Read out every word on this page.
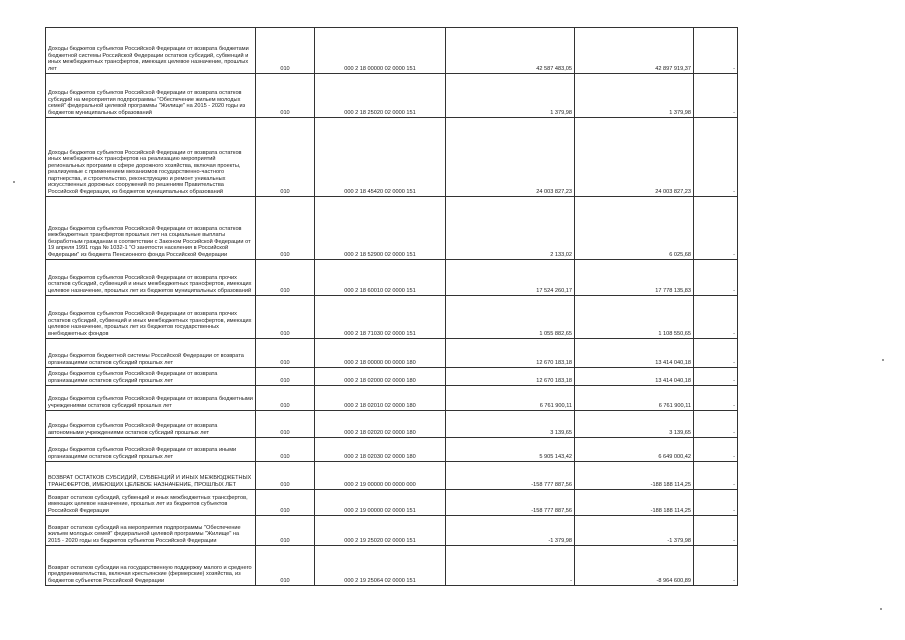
Доходы бюджетов субъектов Российской Федерации от возврата бюджетами бюджетной системы Российской Федерации остатков субсидий, субвенций и иных межбюджетных трансфертов, имеющих целевое назначение, прошлых лет	010	000 2 18 00000 02 0000 151	42 587 483,05	42 897 919,37	-

Доходы бюджетов субъектов Российской Федерации от возврата остатков субсидий на мероприятия подпрограммы "Обеспечение жильем молодых семей" федеральной целевой программы "Жилище" на 2015 - 2020 годы из бюджетов муниципальных образований	010	000 2 18 25020 02 0000 151	1 379,98	1 379,98	-

Доходы бюджетов субъектов Российской Федерации от возврата остатков иных межбюджетных трансфертов на реализацию мероприятий региональных программ в сфере дорожного хозяйства, включая проекты, реализуемые с применением механизмов государственно-частного партнерства, и строительство, реконструкцию и ремонт уникальных искусственных дорожных сооружений по решениям Правительства Российской Федерации, из бюджетов муниципальных образований	010	000 2 18 45420 02 0000 151	24 003 827,23	24 003 827,23	-

Доходы бюджетов субъектов Российской Федерации от возврата остатков межбюджетных трансфертов прошлых лет на социальные выплаты безработным гражданам в соответствии с Законом Российской Федерации от 19 апреля 1991 года № 1032-1 "О занятости населения в Российской Федерации" из бюджета Пенсионного фонда Российской Федерации	010	000 2 18 52900 02 0000 151	2 133,02	6 025,68	-

Доходы бюджетов субъектов Российской Федерации от возврата прочих остатков субсидий, субвенций и иных межбюджетных трансфертов, имеющих целевое назначение, прошлых лет из бюджетов муниципальных образований	010	000 2 18 60010 02 0000 151	17 524 260,17	17 778 135,83	-

Доходы бюджетов субъектов Российской Федерации от возврата прочих остатков субсидий, субвенций и иных межбюджетных трансфертов, имеющих целевое назначение, прошлых лет из бюджетов государственных внебюджетных фондов	010	000 2 18 71030 02 0000 151	1 055 882,65	1 108 550,65	-

Доходы бюджетов бюджетной системы Российской Федерации от возврата организациями остатков субсидий прошлых лет	010	000 2 18 00000 00 0000 180	12 670 183,18	13 414 040,18	-

Доходы бюджетов субъектов Российской Федерации от возврата организациями остатков субсидий прошлых лет	010	000 2 18 02000 02 0000 180	12 670 183,18	13 414 040,18	-

Доходы бюджетов субъектов Российской Федерации от возврата бюджетными учреждениями остатков субсидий прошлых лет	010	000 2 18 02010 02 0000 180	6 761 900,11	6 761 900,11	-

Доходы бюджетов субъектов Российской Федерации от возврата автономными учреждениями остатков субсидий прошлых лет	010	000 2 18 02020 02 0000 180	3 139,65	3 139,65	-

Доходы бюджетов субъектов Российской Федерации от возврата иными организациями остатков субсидий прошлых лет	010	000 2 18 02030 02 0000 180	5 905 143,42	6 649 000,42	-

ВОЗВРАТ ОСТАТКОВ СУБСИДИЙ, СУБВЕНЦИЙ И ИНЫХ МЕЖБЮДЖЕТНЫХ ТРАНСФЕРТОВ, ИМЕЮЩИХ ЦЕЛЕВОЕ НАЗНАЧЕНИЕ, ПРОШЛЫХ ЛЕТ	010	000 2 19 00000 00 0000 000	-158 777 887,56	-188 188 114,25	-

Возврат остатков субсидий, субвенций и иных межбюджетных трансфертов, имеющих целевое назначение, прошлых лет из бюджетов субъектов Российской Федерации	010	000 2 19 00000 02 0000 151	-158 777 887,56	-188 188 114,25	-

Возврат остатков субсидий на мероприятия подпрограммы "Обеспечение жильем молодых семей" федеральной целевой программы "Жилище" на 2015 - 2020 годы из бюджетов субъектов Российской Федерации	010	000 2 19 25020 02 0000 151	-1 379,98	-1 379,98	-

Возврат остатков субсидии на государственную поддержку малого и среднего предпринимательства, включая крестьянские (фермерские) хозяйства, из бюджетов субъектов Российской Федерации	010	000 2 19 25064 02 0000 151	-	-8 964 600,89	-
